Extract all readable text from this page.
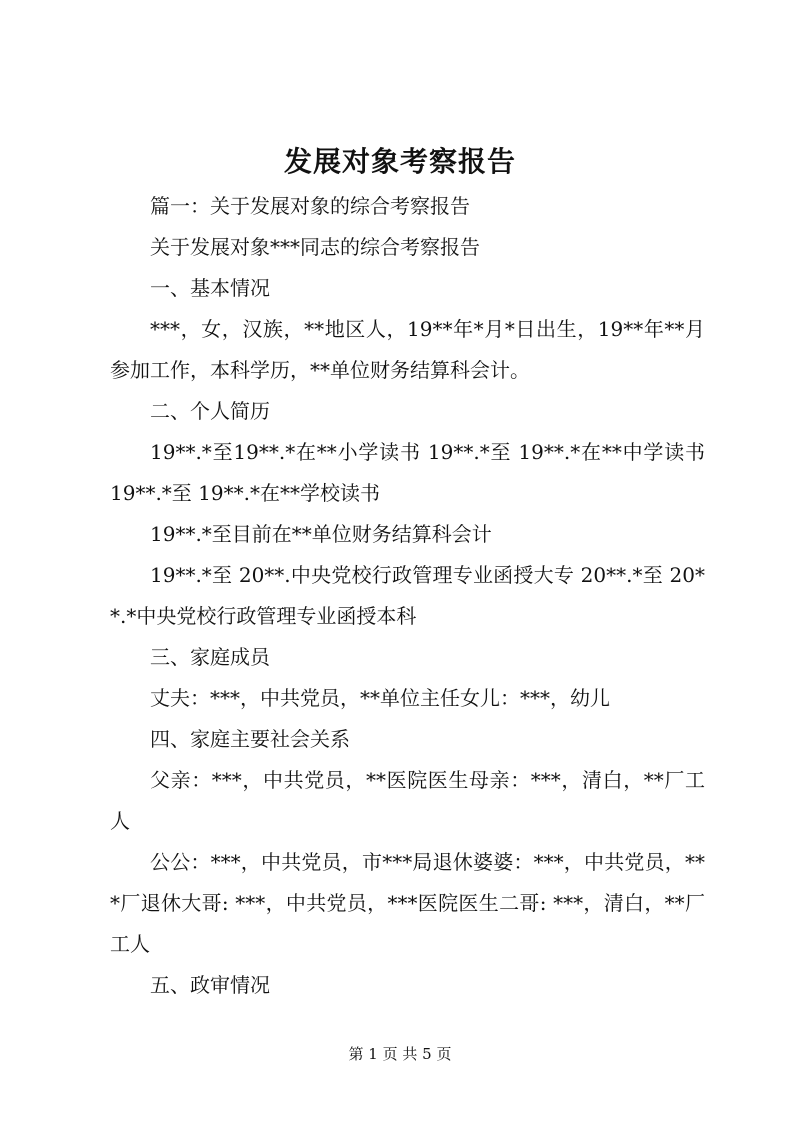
发展对象考察报告

篇一：关于发展对象的综合考察报告

关于发展对象***同志的综合考察报告

一、基本情况

***，女，汉族，**地区人，19**年*月*日出生，19**年**月参加工作，本科学历，**单位财务结算科会计。

二、个人简历

19**.*至19**.*在**小学读书 19**.*至 19**.*在**中学读书 19**.*至 19**.*在**学校读书

19**.*至目前在**单位财务结算科会计

19**.*至 20**.中央党校行政管理专业函授大专 20**.*至 20**.*中央党校行政管理专业函授本科

三、家庭成员

丈夫：***，中共党员，**单位主任女儿：***，幼儿

四、家庭主要社会关系

父亲：***，中共党员，**医院医生母亲：***，清白，**厂工人

公公：***，中共党员，市***局退休婆婆：***，中共党员，***厂退休大哥: ***，中共党员，***医院医生二哥: ***，清白，**厂工人

五、政审情况

第 1 页 共 5 页
